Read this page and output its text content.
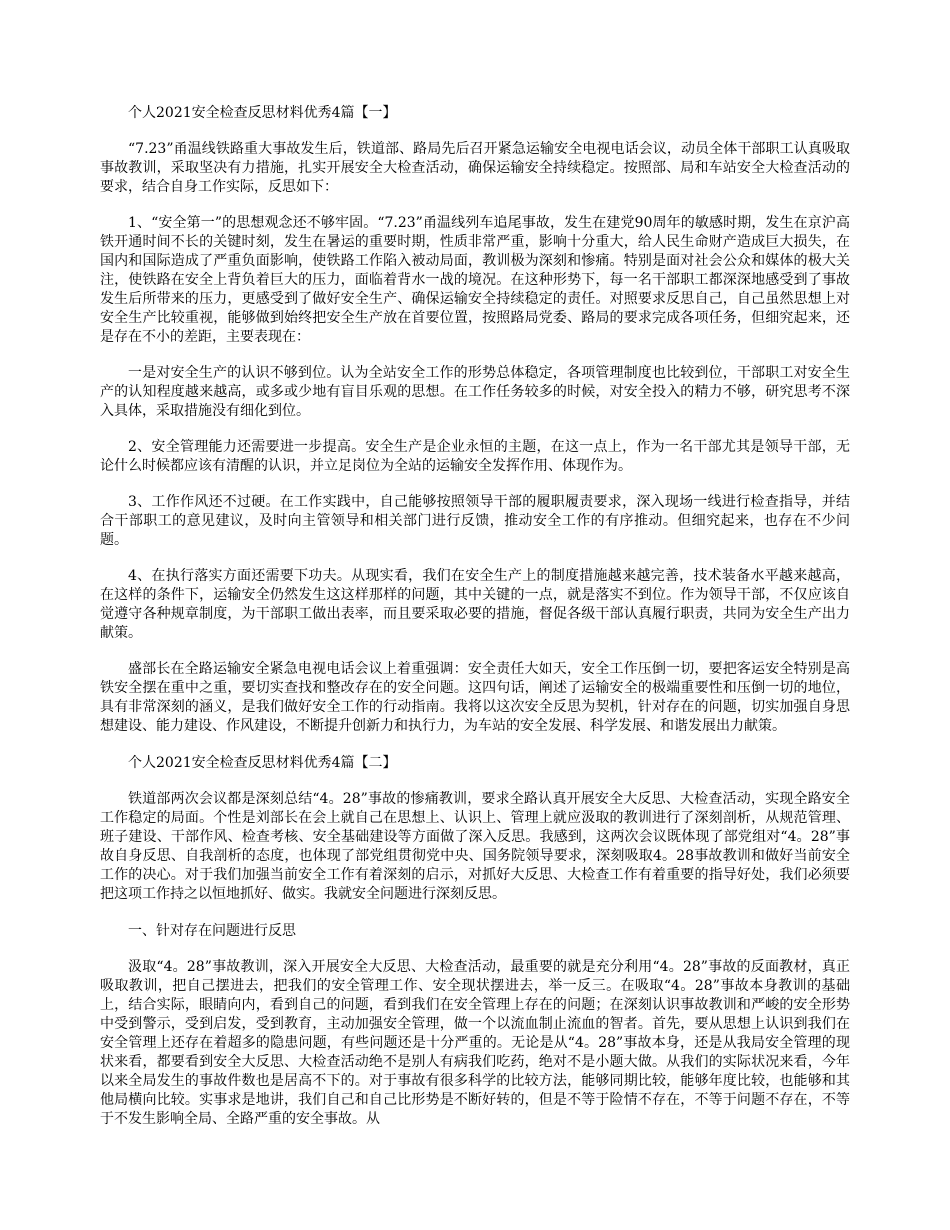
个人2021安全检查反思材料优秀4篇【一】

“7.23”甬温线铁路重大事故发生后，铁道部、路局先后召开紧急运输安全电视电话会议，动员全体干部职工认真吸取事故教训，采取坚决有力措施，扎实开展安全大检查活动，确保运输安全持续稳定。按照部、局和车站安全大检查活动的要求，结合自身工作实际，反思如下：

1、“安全第一”的思想观念还不够牢固。“7.23”甬温线列车追尾事故，发生在建党90周年的敏感时期，发生在京沪高铁开通时间不长的关键时刻，发生在暑运的重要时期，性质非常严重，影响十分重大，给人民生命财产造成巨大损失，在国内和国际造成了严重负面影响，使铁路工作陷入被动局面，教训极为深刻和惨痛。特别是面对社会公众和媒体的极大关注，使铁路在安全上背负着巨大的压力，面临着背水一战的境况。在这种形势下，每一名干部职工都深深地感受到了事故发生后所带来的压力，更感受到了做好安全生产、确保运输安全持续稳定的责任。对照要求反思自己，自己虽然思想上对安全生产比较重视，能够做到始终把安全生产放在首要位置，按照路局党委、路局的要求完成各项任务，但细究起来，还是存在不小的差距，主要表现在：

一是对安全生产的认识不够到位。认为全站安全工作的形势总体稳定，各项管理制度也比较到位，干部职工对安全生产的认知程度越来越高，或多或少地有盲目乐观的思想。在工作任务较多的时候，对安全投入的精力不够，研究思考不深入具体，采取措施没有细化到位。

2、安全管理能力还需要进一步提高。安全生产是企业永恒的主题，在这一点上，作为一名干部尤其是领导干部，无论什么时候都应该有清醒的认识，并立足岗位为全站的运输安全发挥作用、体现作为。

3、工作作风还不过硬。在工作实践中，自己能够按照领导干部的履职履责要求，深入现场一线进行检查指导，并结合干部职工的意见建议，及时向主管领导和相关部门进行反馈，推动安全工作的有序推动。但细究起来，也存在不少问题。

4、在执行落实方面还需要下功夫。从现实看，我们在安全生产上的制度措施越来越完善，技术装备水平越来越高，在这样的条件下，运输安全仍然发生这这样那样的问题，其中关键的一点，就是落实不到位。作为领导干部，不仅应该自觉遵守各种规章制度，为干部职工做出表率，而且要采取必要的措施，督促各级干部认真履行职责，共同为安全生产出力献策。

盛部长在全路运输安全紧急电视电话会议上着重强调：安全责任大如天，安全工作压倒一切，要把客运安全特别是高铁安全摆在重中之重，要切实查找和整改存在的安全问题。这四句话，阐述了运输安全的极端重要性和压倒一切的地位，具有非常深刻的涵义，是我们做好安全工作的行动指南。我将以这次安全反思为契机，针对存在的问题，切实加强自身思想建设、能力建设、作风建设，不断提升创新力和执行力，为车站的安全发展、科学发展、和谐发展出力献策。

个人2021安全检查反思材料优秀4篇【二】

铁道部两次会议都是深刻总结“4。28”事故的惨痛教训，要求全路认真开展安全大反思、大检查活动，实现全路安全工作稳定的局面。个性是刘部长在会上就自己在思想上、认识上、管理上就应汲取的教训进行了深刻剖析，从规范管理、班子建设、干部作风、检查考核、安全基础建设等方面做了深入反思。我感到，这两次会议既体现了部党组对“4。28”事故自身反思、自我剖析的态度，也体现了部党组贯彻党中央、国务院领导要求，深刻吸取4。28事故教训和做好当前安全工作的决心。对于我们加强当前安全工作有着深刻的启示，对抓好大反思、大检查工作有着重要的指导好处，我们必须要把这项工作持之以恒地抓好、做实。我就安全问题进行深刻反思。

一、针对存在问题进行反思

汲取“4。28”事故教训，深入开展安全大反思、大检查活动，最重要的就是充分利用“4。28”事故的反面教材，真正吸取教训，把自己摆进去，把我们的安全管理工作、安全现状摆进去，举一反三。在吸取“4。28”事故本身教训的基础上，结合实际，眼睛向内，看到自己的问题，看到我们在安全管理上存在的问题；在深刻认识事故教训和严峻的安全形势中受到警示，受到启发，受到教育，主动加强安全管理，做一个以流血制止流血的智者。首先，要从思想上认识到我们在安全管理上还存在着超多的隐患问题，有些问题还是十分严重的。无论是从“4。28”事故本身，还是从我局安全管理的现状来看，都要看到安全大反思、大检查活动绝不是别人有病我们吃药，绝对不是小题大做。从我们的实际状况来看，今年以来全局发生的事故件数也是居高不下的。对于事故有很多科学的比较方法，能够同期比较，能够年度比较，也能够和其他局横向比较。实事求是地讲，我们自己和自己比形势是不断好转的，但是不等于险情不存在，不等于问题不存在，不等于不发生影响全局、全路严重的安全事故。从
